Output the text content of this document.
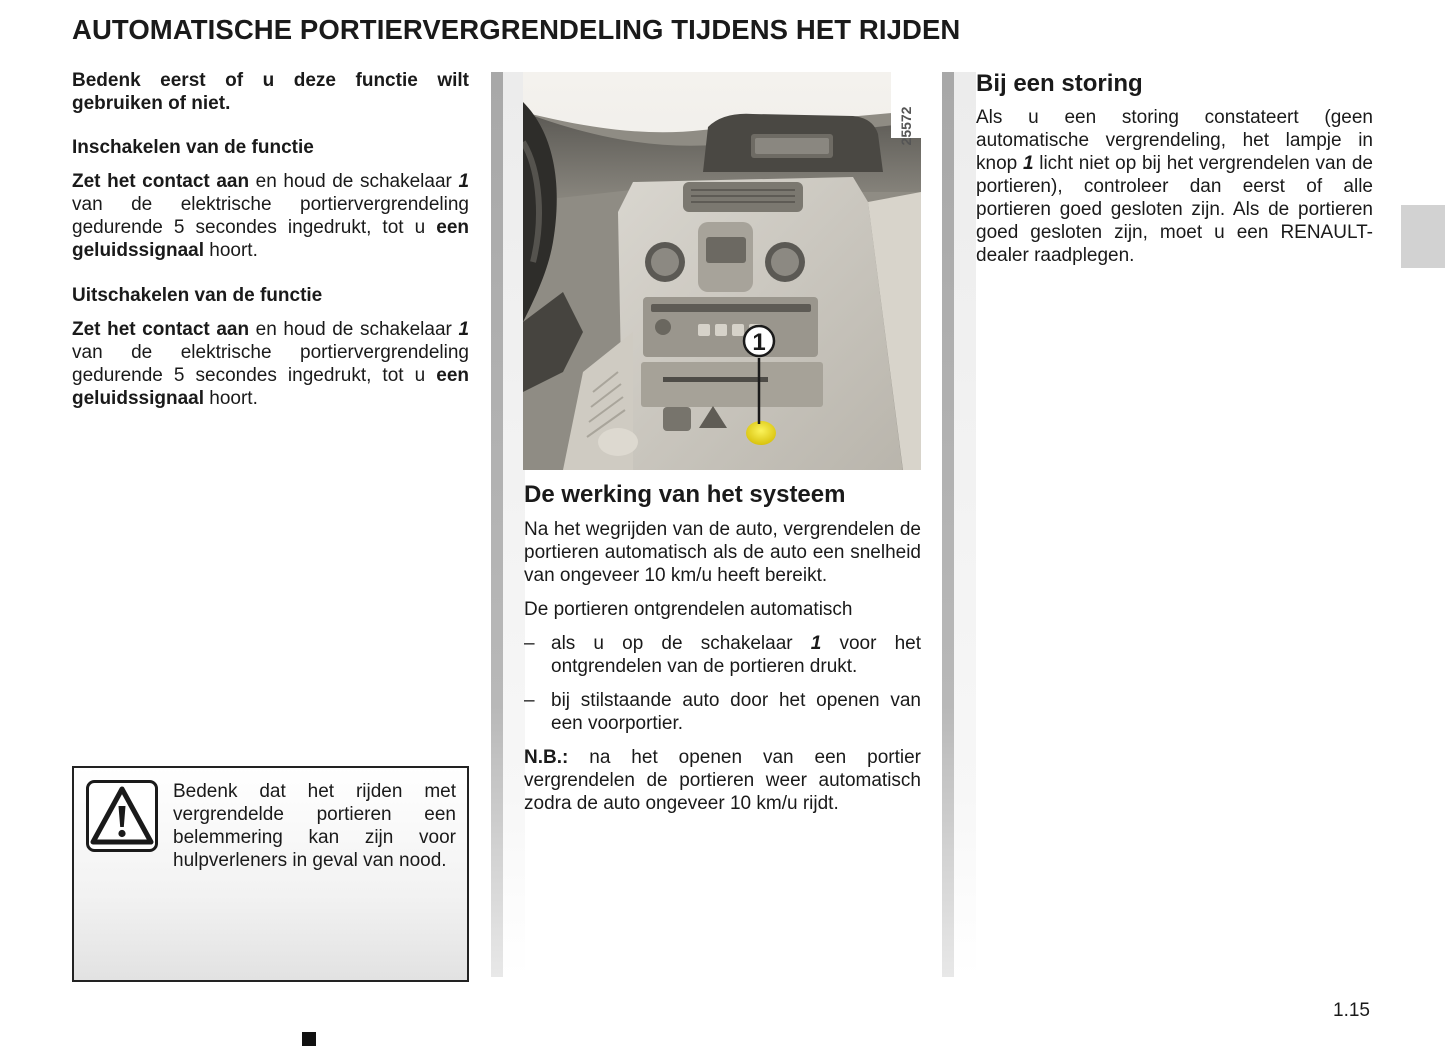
AUTOMATISCHE PORTIERVERGRENDELING TIJDENS HET RIJDEN

Bedenk eerst of u deze functie wilt gebruiken of niet.

Inschakelen van de functie

Zet het contact aan en houd de schakelaar 1 van de elektrische portiervergrendeling gedurende 5 secondes ingedrukt, tot u een geluidssignaal hoort.

Uitschakelen van de functie

Zet het contact aan en houd de schakelaar 1 van de elektrische portiervergrendeling gedurende 5 secondes ingedrukt, tot u een geluidssignaal hoort.

Bedenk dat het rijden met vergrendelde portieren een belemmering kan zijn voor hulpverleners in geval van nood.
1
25572
De werking van het systeem

Na het wegrijden van de auto, vergrendelen de portieren automatisch als de auto een snelheid van ongeveer 10 km/u heeft bereikt.

De portieren ontgrendelen automatisch

– als u op de schakelaar 1 voor het ontgrendelen van de portieren drukt.

– bij stilstaande auto door het openen van een voorportier.

N.B.: na het openen van een portier vergrendelen de portieren weer automatisch zodra de auto ongeveer 10 km/u rijdt.

Bij een storing

Als u een storing constateert (geen automatische vergrendeling, het lampje in knop 1 licht niet op bij het vergrendelen van de portieren), controleer dan eerst of alle portieren goed gesloten zijn. Als de portieren goed gesloten zijn, moet u een RENAULT-dealer raadplegen.

1.15
